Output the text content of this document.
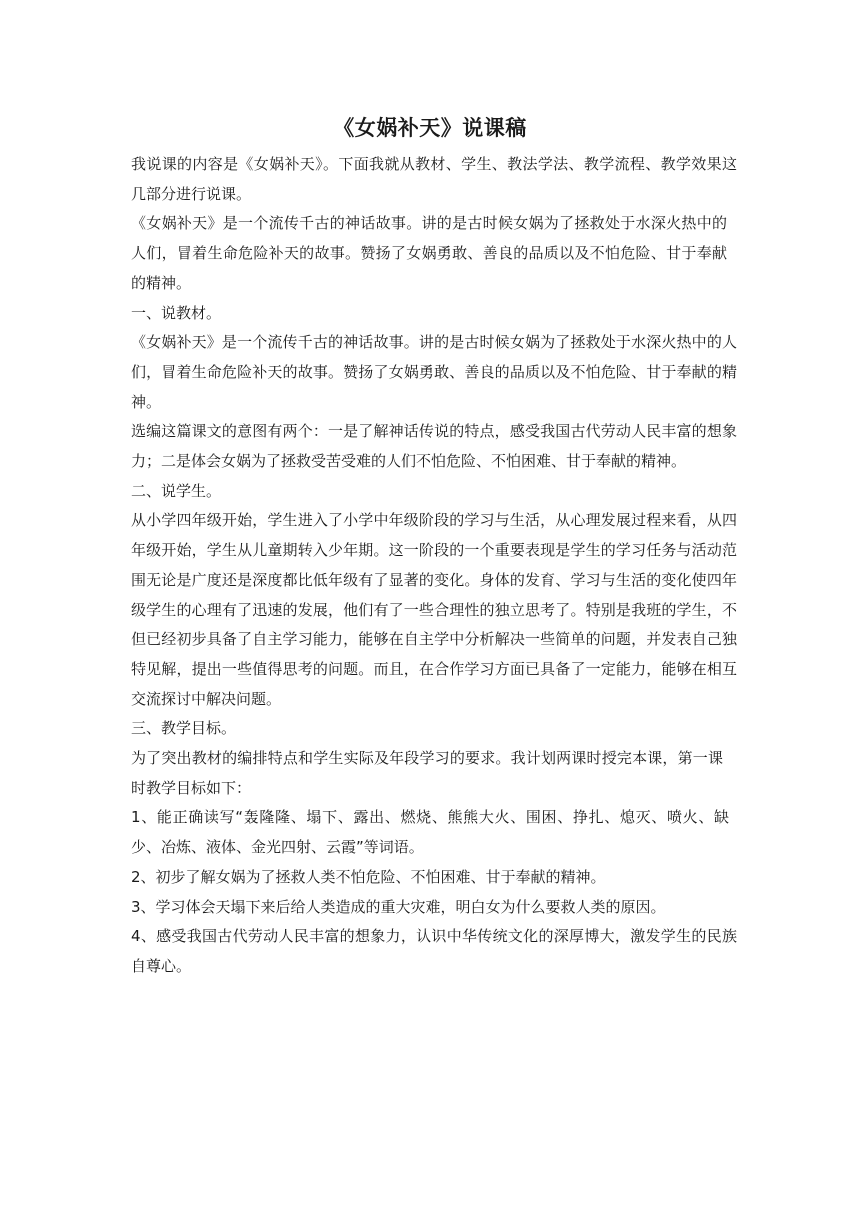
《女娲补天》说课稿

我说课的内容是《女娲补天》。下面我就从教材、学生、教法学法、教学流程、教学效果这几部分进行说课。

《女娲补天》是一个流传千古的神话故事。讲的是古时候女娲为了拯救处于水深火热中的人们，冒着生命危险补天的故事。赞扬了女娲勇敢、善良的品质以及不怕危险、甘于奉献的精神。

一、说教材。

《女娲补天》是一个流传千古的神话故事。讲的是古时候女娲为了拯救处于水深火热中的人们，冒着生命危险补天的故事。赞扬了女娲勇敢、善良的品质以及不怕危险、甘于奉献的精神。

选编这篇课文的意图有两个：一是了解神话传说的特点，感受我国古代劳动人民丰富的想象力；二是体会女娲为了拯救受苦受难的人们不怕危险、不怕困难、甘于奉献的精神。

二、说学生。

从小学四年级开始，学生进入了小学中年级阶段的学习与生活，从心理发展过程来看，从四年级开始，学生从儿童期转入少年期。这一阶段的一个重要表现是学生的学习任务与活动范围无论是广度还是深度都比低年级有了显著的变化。身体的发育、学习与生活的变化使四年级学生的心理有了迅速的发展，他们有了一些合理性的独立思考了。特别是我班的学生，不但已经初步具备了自主学习能力，能够在自主学中分析解决一些简单的问题，并发表自己独特见解，提出一些值得思考的问题。而且，在合作学习方面已具备了一定能力，能够在相互交流探讨中解决问题。

三、教学目标。

为了突出教材的编排特点和学生实际及年段学习的要求。我计划两课时授完本课，第一课时教学目标如下：

1、能正确读写“轰隆隆、塌下、露出、燃烧、熊熊大火、围困、挣扎、熄灭、喷火、缺少、冶炼、液体、金光四射、云霞”等词语。

2、初步了解女娲为了拯救人类不怕危险、不怕困难、甘于奉献的精神。

3、学习体会天塌下来后给人类造成的重大灾难，明白女为什么要救人类的原因。

4、感受我国古代劳动人民丰富的想象力，认识中华传统文化的深厚博大，激发学生的民族自尊心。
